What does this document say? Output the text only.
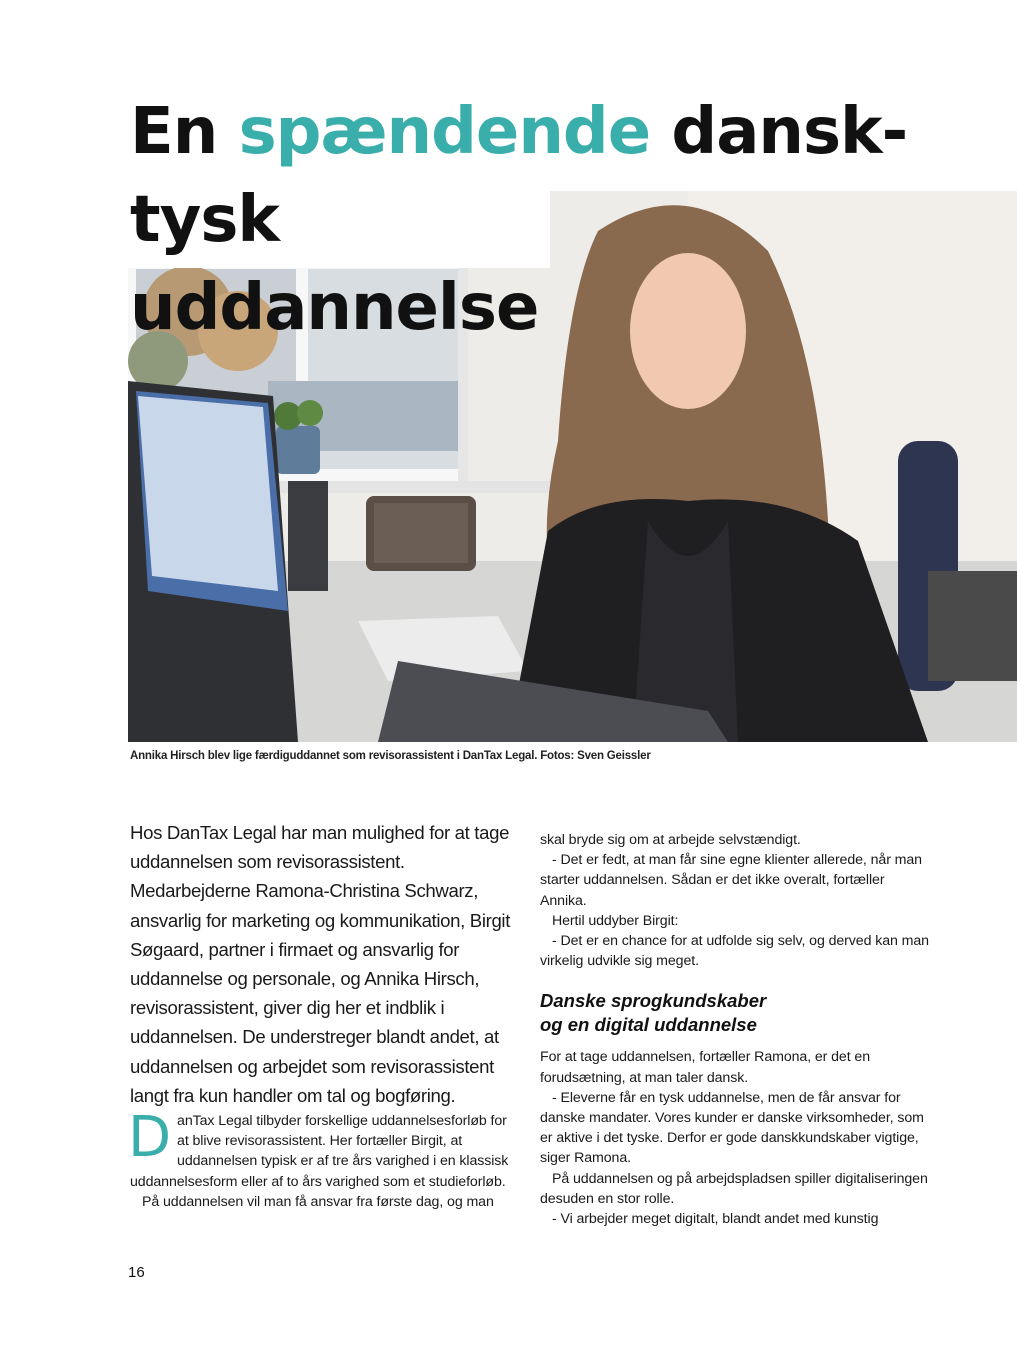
En spændende dansk-tysk
uddannelse
Annika Hirsch blev lige færdiguddannet som revisorassistent i DanTax Legal. Fotos: Sven Geissler

Hos DanTax Legal har man mulighed for at tage uddannelsen som revisorassistent. Medarbejderne Ramona-Christina Schwarz, ansvarlig for marketing og kommunikation, Birgit Søgaard, partner i firmaet og ansvarlig for uddannelse og personale, og Annika Hirsch, revisorassistent, giver dig her et indblik i uddannelsen. De understreger blandt andet, at uddannelsen og arbejdet som revisorassistent langt fra kun handler om tal og bogføring.

DanTax Legal tilbyder forskellige uddannelsesforløb for at blive revisorassistent. Her fortæller Birgit, at uddannelsen typisk er af tre års varighed i en klassisk uddannelsesform eller af to års varighed som et studieforløb.

På uddannelsen vil man få ansvar fra første dag, og man

skal bryde sig om at arbejde selvstændigt.

- Det er fedt, at man får sine egne klienter allerede, når man starter uddannelsen. Sådan er det ikke overalt, fortæller Annika.

Hertil uddyber Birgit:

- Det er en chance for at udfolde sig selv, og derved kan man virkelig udvikle sig meget.

Danske sprogkundskaber
og en digital uddannelse

For at tage uddannelsen, fortæller Ramona, er det en forudsætning, at man taler dansk.

- Eleverne får en tysk uddannelse, men de får ansvar for danske mandater. Vores kunder er danske virksomheder, som er aktive i det tyske. Derfor er gode danskkundskaber vigtige, siger Ramona.

På uddannelsen og på arbejdspladsen spiller digitaliseringen desuden en stor rolle.

- Vi arbejder meget digitalt, blandt andet med kunstig

16
